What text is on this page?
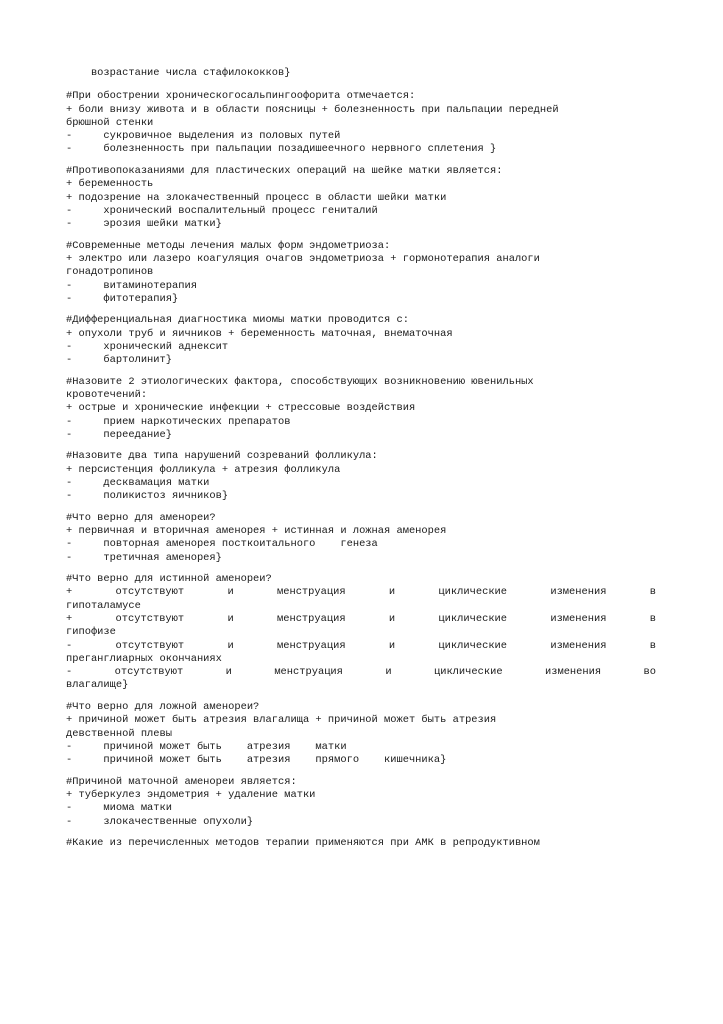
возрастание числа стафилококков}
#При обострении хроническогосальпингоофорита отмечается:
+ боли внизу живота и в области поясницы + болезненность при пальпации передней
брюшной стенки
-     сукровичное выделения из половых путей
-     болезненность при пальпации позадишеечного нервного сплетения }
#Противопоказаниями для пластических операций на шейке матки является:
+ беременность
+ подозрение на злокачественный процесс в области шейки матки
-     хронический воспалительный процесс гениталий
-     эрозия шейки матки}
#Современные методы лечения малых форм эндометриоза:
+ электро или лазеро коагуляция очагов эндометриоза + гормонотерапия аналоги
гонадотропинов
-     витаминотерапия
-     фитотерапия}
#Дифференциальная диагностика миомы матки проводится с:
+ опухоли труб и яичников + беременность маточная, внематочная
-     хронический аднексит
-     бартолинит}
#Назовите 2 этиологических фактора, способствующих возникновению ювенильных
кровотечений:
+ острые и хронические инфекции + стрессовые воздействия
-     прием наркотических препаратов
-     переедание}
#Назовите два типа нарушений созреваний фолликула:
+ персистенция фолликула + атрезия фолликула
-     десквамация матки
-     поликистоз яичников}
#Что верно для аменореи?
+ первичная и вторичная аменорея + истинная и ложная аменорея
-     повторная аменорея посткоитального    генеза
-     третичная аменорея}
#Что верно для истинной аменореи?
+ отсутствуют и менструация и циклические изменения в
гипоталамусе
+ отсутствуют и менструация и циклические изменения в
гипофизе
- отсутствуют и менструация и циклические изменения в
преганглиарных окончаниях
- отсутствуют и менструация и циклические изменения во
влагалище}
#Что верно для ложной аменореи?
+ причиной может быть атрезия влагалища + причиной может быть атрезия
девственной плевы
-     причиной может быть    атрезия    матки
-     причиной может быть    атрезия    прямого    кишечника}
#Причиной маточной аменореи является:
+ туберкулез эндометрия + удаление матки
-     миома матки
-     злокачественные опухоли}
#Какие из перечисленных методов терапии применяются при АМК в репродуктивном
